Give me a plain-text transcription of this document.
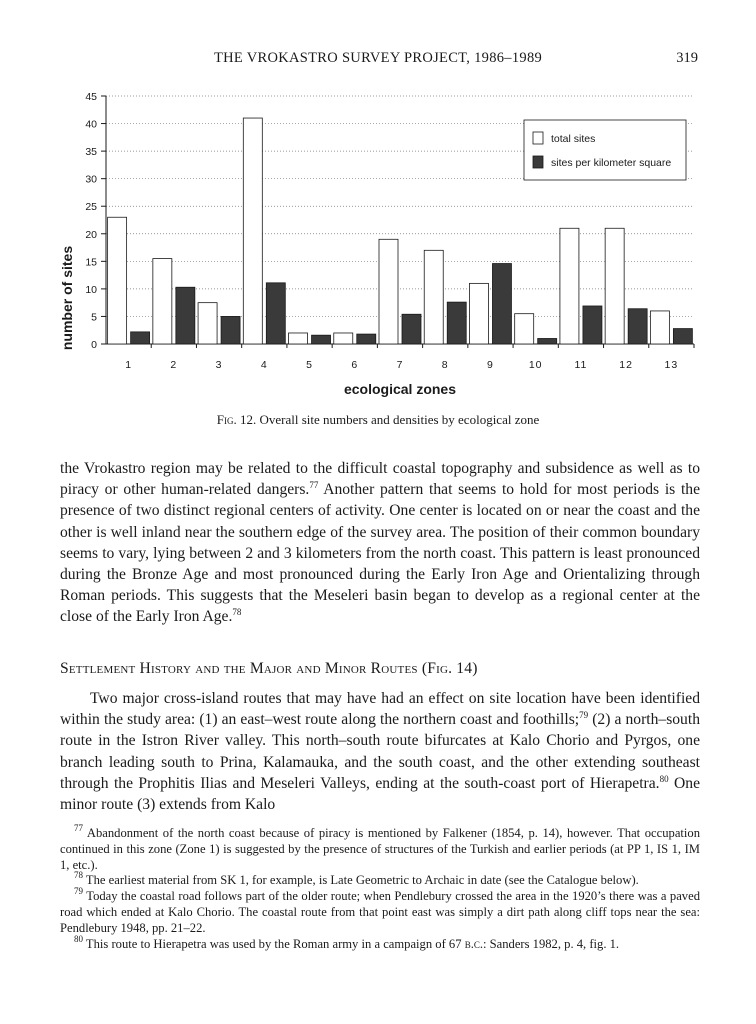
THE VROKASTRO SURVEY PROJECT, 1986–1989	319
0
5
10
15
20
25
30
35
40
45
1	2	3	4	5	6	7	8	9	10	11	12	13
total sites
sites per kilometer square
number of sites
ecological zones
Fig. 12. Overall site numbers and densities by ecological zone

the Vrokastro region may be related to the difficult coastal topography and subsidence as well as to piracy or other human-related dangers.$^{77}$ Another pattern that seems to hold for most periods is the presence of two distinct regional centers of activity. One center is located on or near the coast and the other is well inland near the southern edge of the survey area. The position of their common boundary seems to vary, lying between 2 and 3 kilometers from the north coast. This pattern is least pronounced during the Bronze Age and most pronounced during the Early Iron Age and Orientalizing through Roman periods. This suggests that the Meseleri basin began to develop as a regional center at the close of the Early Iron Age.$^{78}$

Settlement History and the Major and Minor Routes (Fig. 14)

Two major cross-island routes that may have had an effect on site location have been identified within the study area: (1) an east–west route along the northern coast and foothills;$^{79}$ (2) a north–south route in the Istron River valley. This north–south route bifurcates at Kalo Chorio and Pyrgos, one branch leading south to Prina, Kalamauka, and the south coast, and the other extending southeast through the Prophitis Ilias and Meseleri Valleys, ending at the south-coast port of Hierapetra.$^{80}$ One minor route (3) extends from Kalo

$^{77}$ Abandonment of the north coast because of piracy is mentioned by Falkener (1854, p. 14), however. That occupation continued in this zone (Zone 1) is suggested by the presence of structures of the Turkish and earlier periods (at PP 1, IS 1, IM 1, etc.).

$^{78}$ The earliest material from SK 1, for example, is Late Geometric to Archaic in date (see the Catalogue below).

$^{79}$ Today the coastal road follows part of the older route; when Pendlebury crossed the area in the 1920’s there was a paved road which ended at Kalo Chorio. The coastal route from that point east was simply a dirt path along cliff tops near the sea: Pendlebury 1948, pp. 21–22.

$^{80}$ This route to Hierapetra was used by the Roman army in a campaign of 67 b.c.: Sanders 1982, p. 4, fig. 1.
